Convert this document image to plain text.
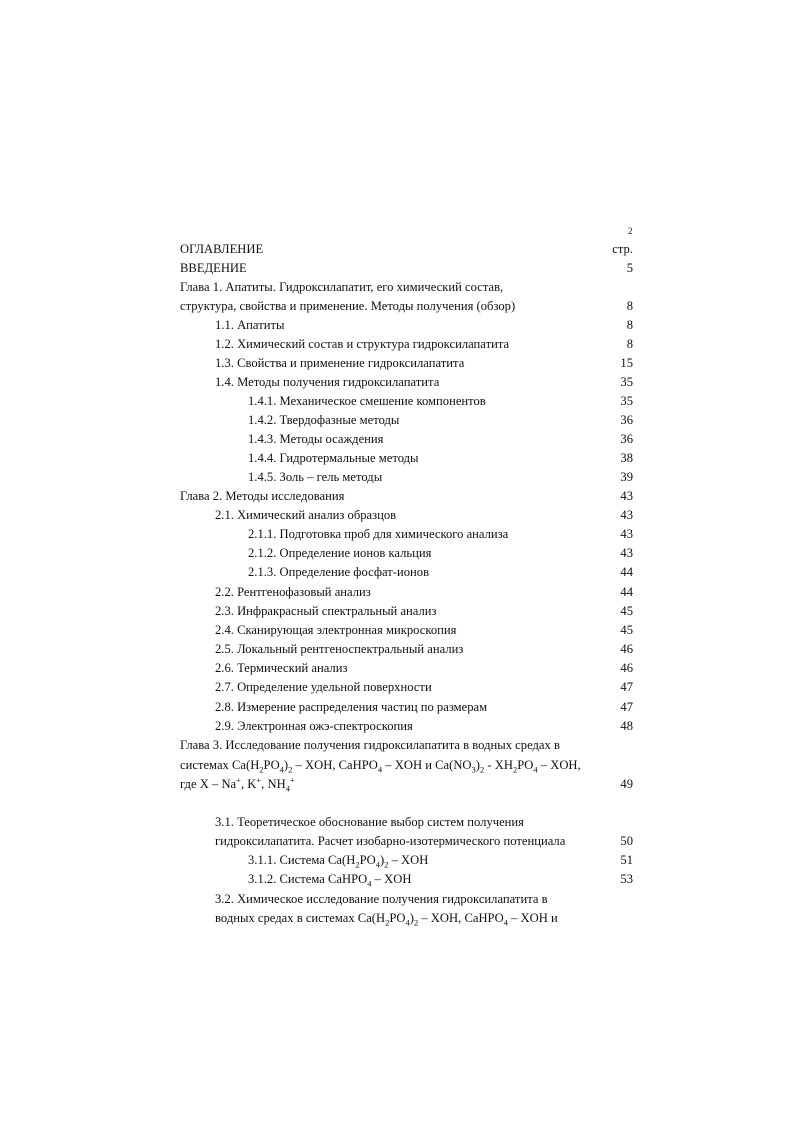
2
ОГЛАВЛЕНИЕ	стр.
ВВЕДЕНИЕ	5
Глава 1. Апатиты. Гидроксилапатит, его химический состав,
структура, свойства и применение. Методы получения (обзор)	8
1.1. Апатиты	8
1.2. Химический состав и структура гидроксилапатита	8
1.3. Свойства и применение гидроксилапатита	15
1.4. Методы получения гидроксилапатита	35
1.4.1. Механическое смешение компонентов	35
1.4.2. Твердофазные методы	36
1.4.3. Методы осаждения	36
1.4.4. Гидротермальные методы	38
1.4.5. Золь – гель методы	39
Глава 2. Методы исследования	43
2.1. Химический анализ образцов	43
2.1.1. Подготовка проб для химического анализа	43
2.1.2. Определение ионов кальция	43
2.1.3. Определение фосфат-ионов	44
2.2. Рентгенофазовый анализ	44
2.3. Инфракрасный спектральный анализ	45
2.4. Сканирующая электронная микроскопия	45
2.5. Локальный рентгеноспектральный анализ	46
2.6. Термический анализ	46
2.7. Определение удельной поверхности	47
2.8. Измерение распределения частиц по размерам	47
2.9. Электронная ожэ-спектроскопия	48
Глава 3. Исследование получения гидроксилапатита в водных средах в
системах $Ca(H_2PO_4)_2$ – XOH, CaHPO$_4$ – XOH и $Ca(NO_3)_2 - XH_2PO_4$ – XOH,
где X – Na+, K+, $NH_4^+$	49
3.1. Теоретическое обоснование выбор систем получения
гидроксилапатита. Расчет изобарно-изотермического потенциала	50
3.1.1. Система $Ca(H_2PO_4)_2$ – XOH	51
3.1.2. Система CaHPO$_4$ – XOH	53
3.2. Химическое исследование получения гидроксилапатита в
водных средах в системах $Ca(H_2PO_4)_2$ – XOH, CaHPO$_4$ – XOH и
